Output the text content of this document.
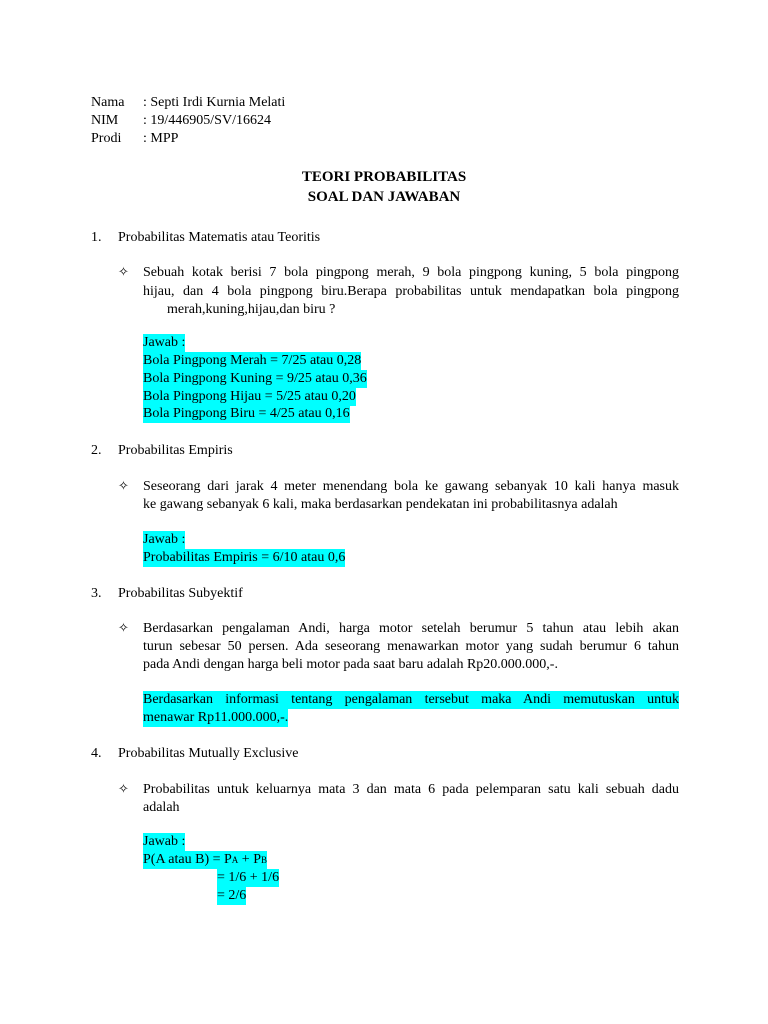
Nama : Septi Irdi Kurnia Melati
NIM : 19/446905/SV/16624
Prodi : MPP
TEORI PROBABILITAS
SOAL DAN JAWABAN
1. Probabilitas Matematis atau Teoritis
✧ Sebuah kotak berisi 7 bola pingpong merah, 9 bola pingpong kuning, 5 bola pingpong
hijau, dan 4 bola pingpong biru.Berapa probabilitas untuk mendapatkan bola pingpong
merah,kuning,hijau,dan biru ?
Jawab :
Bola Pingpong Merah = 7/25 atau 0,28
Bola Pingpong Kuning = 9/25 atau 0,36
Bola Pingpong Hijau = 5/25 atau 0,20
Bola Pingpong Biru = 4/25 atau 0,16
2. Probabilitas Empiris
✧ Seseorang dari jarak 4 meter menendang bola ke gawang sebanyak 10 kali hanya masuk
ke gawang sebanyak 6 kali, maka berdasarkan pendekatan ini probabilitasnya adalah
Jawab :
Probabilitas Empiris = 6/10 atau 0,6
3. Probabilitas Subyektif
✧ Berdasarkan pengalaman Andi, harga motor setelah berumur 5 tahun atau lebih akan
turun sebesar 50 persen. Ada seseorang menawarkan motor yang sudah berumur 6 tahun
pada Andi dengan harga beli motor pada saat baru adalah Rp20.000.000,-.
Berdasarkan informasi tentang pengalaman tersebut maka Andi memutuskan untuk
menawar Rp11.000.000,-.
4. Probabilitas Mutually Exclusive
✧ Probabilitas untuk keluarnya mata 3 dan mata 6 pada pelemparan satu kali sebuah dadu
adalah
Jawab :
P(A atau B) = PA + PB
= 1/6 + 1/6
= 2/6
